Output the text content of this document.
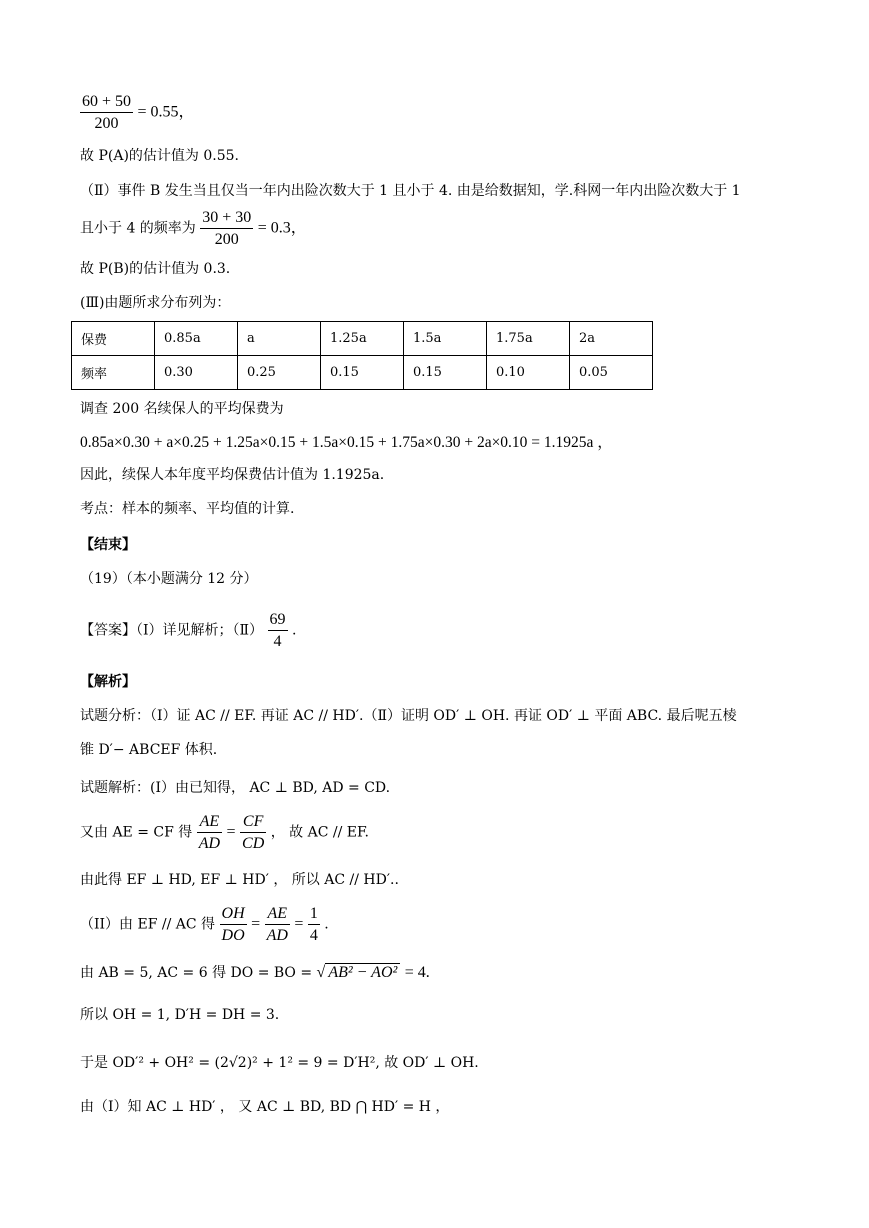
$\frac{60 + 50}{200} = 0.55$，
故 P(A)的估计值为 0.55.
（Ⅱ）事件 B 发生当且仅当一年内出险次数大于 1 且小于 4. 由是给数据知，学.科网一年内出险次数大于 1
且小于 4 的频率为 $\frac{30 + 30}{200} = 0.3$，
故 P(B)的估计值为 0.3.
(Ⅲ)由题所求分布列为：
保费	0.85a	a	1.25a	1.5a	1.75a	2a
频率	0.30	0.25	0.15	0.15	0.10	0.05
调查 200 名续保人的平均保费为
0.85a×0.30 + a×0.25 + 1.25a×0.15 + 1.5a×0.15 + 1.75a×0.30 + 2a×0.10 = 1.1925a ，
因此，续保人本年度平均保费估计值为 1.1925a.
考点：样本的频率、平均值的计算.
【结束】
（19）（本小题满分 12 分）
【答案】（Ⅰ）详见解析；（Ⅱ） $\frac{69}{4}$ .
【解析】
试题分析：（Ⅰ）证 AC // EF. 再证 AC // HD′.（Ⅱ）证明 OD′ ⊥ OH. 再证 OD′ ⊥ 平面 ABC. 最后呢五棱
锥 D′− ABCEF 体积.
试题解析：(I）由已知得， AC ⊥ BD, AD = CD.
又由 AE = CF 得 $\frac{AE}{AD} = \frac{CF}{CD}$ ， 故 AC // EF.
由此得 EF ⊥ HD, EF ⊥ HD′ ， 所以 AC // HD′..
（II）由 EF // AC 得 $\frac{OH}{DO} = \frac{AE}{AD} = \frac{1}{4}$ .
由 AB = 5, AC = 6 得 DO = BO = √ AB² − AO² = 4.
所以 OH = 1, D′H = DH = 3.
于是 OD′² + OH² = (2√2)² + 1² = 9 = D′H², 故 OD′ ⊥ OH.
由（I）知 AC ⊥ HD′ ， 又 AC ⊥ BD, BD ⋂ HD′ = H ，
